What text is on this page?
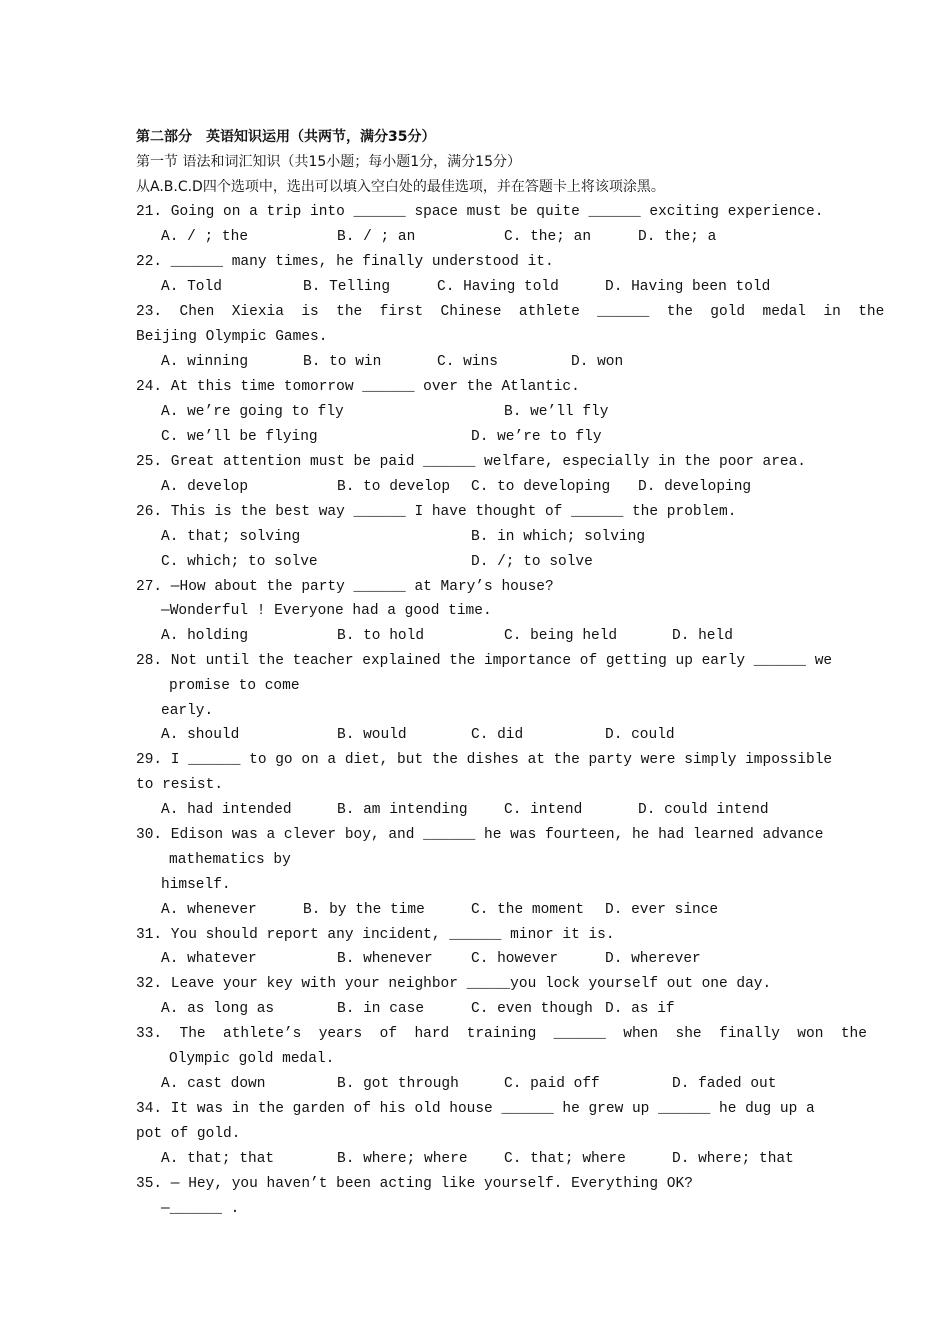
第二部分　英语知识运用（共两节，满分35分）
第一节 语法和词汇知识（共15小题；每小题1分，满分15分）
从A.B.C.D四个选项中，选出可以填入空白处的最佳选项，并在答题卡上将该项涂黑。
21. Going on a trip into ______ space must be quite ______ exciting experience.
A. / ; the	B. / ; an	C. the; an	D. the; a
22. ______ many times, he finally understood it.
A. Told	B. Telling	C. Having told	D. Having been told
23.  Chen  Xiexia  is  the  first  Chinese  athlete  ______  the  gold  medal  in  the
Beijing Olympic Games.
A. winning	B. to win	C. wins	D. won
24. At this time tomorrow ______ over the Atlantic.
A. we’re going to fly	B. we’ll fly
C. we’ll be flying	D. we’re to fly
25. Great attention must be paid ______ welfare, especially in the poor area.
A. develop	B. to develop C. to developing D. developing
26. This is the best way ______ I have thought of ______ the problem.
A. that; solving	B. in which; solving
C. which; to solve	D. /; to solve
27. —How about the party ______ at Mary’s house?
—Wonderful ! Everyone had a good time.
A. holding	B. to hold	C. being held	D. held
28. Not until the teacher explained the importance of getting up early ______ we
promise to come
early.
A. should	B. would	C. did	D. could
29. I ______ to go on a diet, but the dishes at the party were simply impossible
to resist.
A. had intended	B. am intending	C. intend	D. could intend
30. Edison was a clever boy, and ______ he was fourteen, he had learned advance
mathematics by
himself.
A. whenever	B. by the time	C. the moment D. ever since
31. You should report any incident, ______ minor it is.
A. whatever	B. whenever	C. however	D. wherever
32. Leave your key with your neighbor _____you lock yourself out one day.
A. as long as	B. in case	C. even though D. as if
33.  The  athlete’s  years  of  hard  training  ______  when  she  finally  won  the
Olympic gold medal.
A. cast down	B. got through	C. paid off	D. faded out
34. It was in the garden of his old house ______ he grew up ______ he dug up a
pot of gold.
A. that; that	B. where; where	C. that; where	D. where; that
35. — Hey, you haven’t been acting like yourself. Everything OK?
—______ .
